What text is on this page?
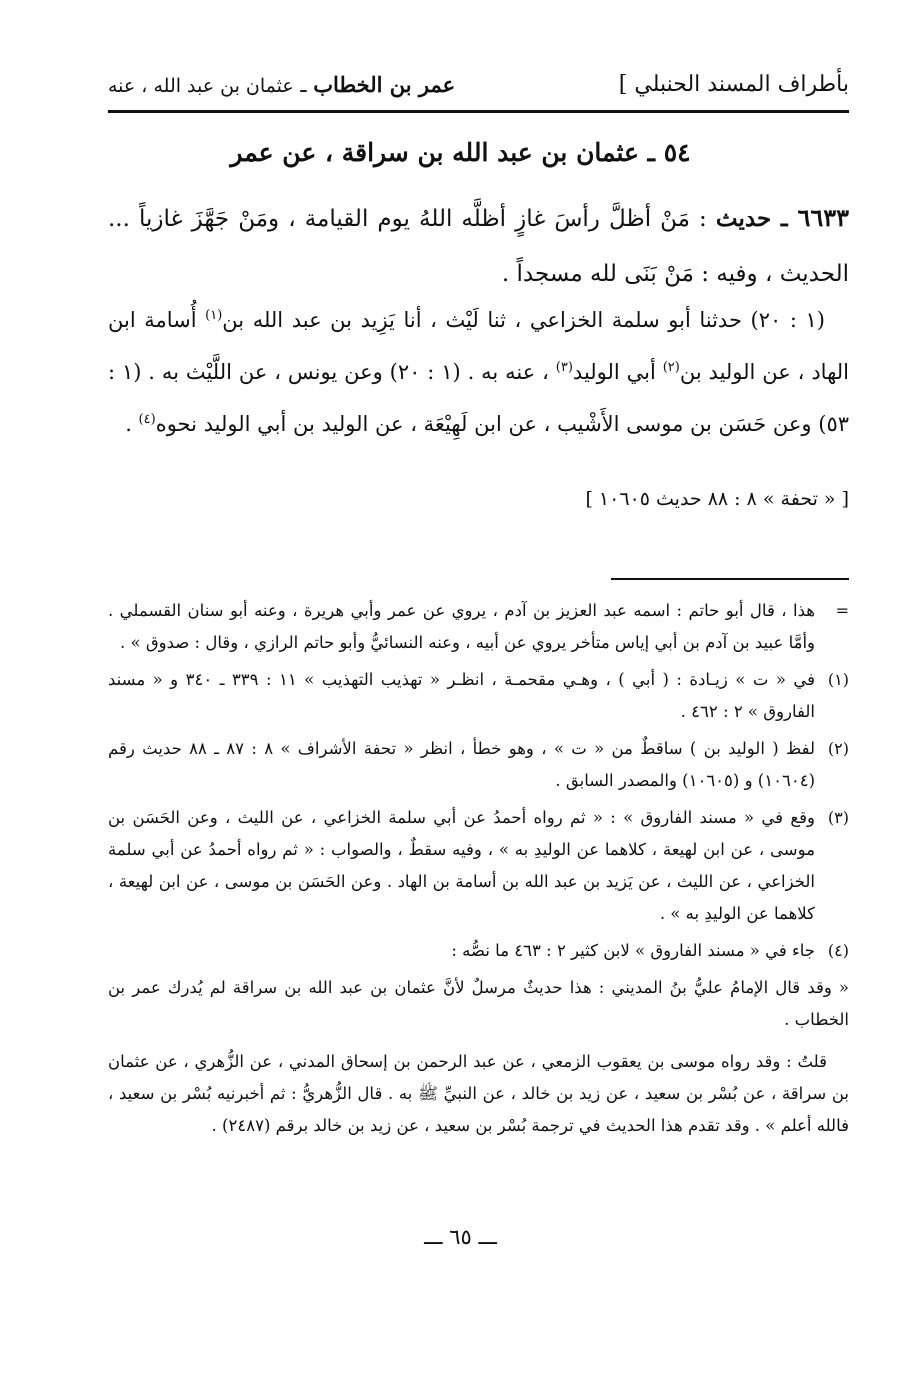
بأطراف المسند الحنبلي ]
عمر بن الخطاب ـ عثمان بن عبد الله ، عنه
٥٤ ـ عثمان بن عبد الله بن سراقة ، عن عمر
٦٦٣٣ ـ حديث : مَنْ أظلَّ رأسَ غازٍ أظلَّه اللهُ يوم القيامة ، ومَنْ جَهَّزَ غازياً ... الحديث ، وفيه : مَنْ بَنَى لله مسجداً .
(١ : ٢٠) حدثنا أبو سلمة الخزاعي ، ثنا لَيْث ، أنا يَزِيد بن عبد الله بن$^{(١)}$ أُسامة ابن الهاد ، عن الوليد بن$^{(٢)}$ أبي الوليد$^{(٣)}$ ، عنه به . (١ : ٢٠) وعن يونس ، عن اللَّيْث به . (١ : ٥٣) وعن حَسَن بن موسى الأَشْيب ، عن ابن لَهِيْعَة ، عن الوليد بن أبي الوليد نحوه$^{(٤)}$ .
[ « تحفة » ٨ : ٨٨ حديث ١٠٦٠٥ ]
=

هذا ، قال أبو حاتم : اسمه عبد العزيز بن آدم ، يروي عن عمر وأبي هريرة ، وعنه أبو سنان القسملي . وأمَّا عبيد بن آدم بن أبي إياس متأخر يروي عن أبيه ، وعنه النسائيُّ وأبو حاتم الرازي ، وقال : صدوق » .

(١)

في « ت » زيـادة : ( أبي ) ، وهـي مقحمـة ، انظـر « تهذيب التهذيب » ١١ : ٣٣٩ ـ ٣٤٠ و « مسند الفاروق » ٢ : ٤٦٢ .

(٢)

لفظ ( الوليد بن ) ساقطٌ من « ت » ، وهو خطأ ، انظر « تحفة الأشراف » ٨ : ٨٧ ـ ٨٨ حديث رقم (١٠٦٠٤) و (١٠٦٠٥) والمصدر السابق .

(٣)

وقع في « مسند الفاروق » : « ثم رواه أحمدُ عن أبي سلمة الخزاعي ، عن الليث ، وعن الحَسَن بن موسى ، عن ابن لهيعة ، كلاهما عن الوليدِ به » ، وفيه سقطٌ ، والصواب : « ثم رواه أحمدُ عن أبي سلمة الخزاعي ، عن الليث ، عن يَزيد بن عبد الله بن أسامة بن الهاد . وعن الحَسَن بن موسى ، عن ابن لهيعة ، كلاهما عن الوليدِ به » .

(٤)

جاء في « مسند الفاروق » لابن كثير ٢ : ٤٦٣ ما نصُّه :

« وقد قال الإمامُ عليُّ بنُ المديني : هذا حديثٌ مرسلٌ لأنَّ عثمان بن عبد الله بن سراقة لم يُدرك عمر بن الخطاب .

قلتُ : وقد رواه موسى بن يعقوب الزمعي ، عن عبد الرحمن بن إسحاق المدني ، عن الزُّهري ، عن عثمان بن سراقة ، عن بُسْر بن سعيد ، عن زيد بن خالد ، عن النبيِّ ﷺ به . قال الزُّهريُّ : ثم أخبرنيه بُسْر بن سعيد ، فالله أعلم » . وقد تقدم هذا الحديث في ترجمة بُسْر بن سعيد ، عن زيد بن خالد برقم (٢٤٨٧) .

ـــ ٦٥ ـــ
